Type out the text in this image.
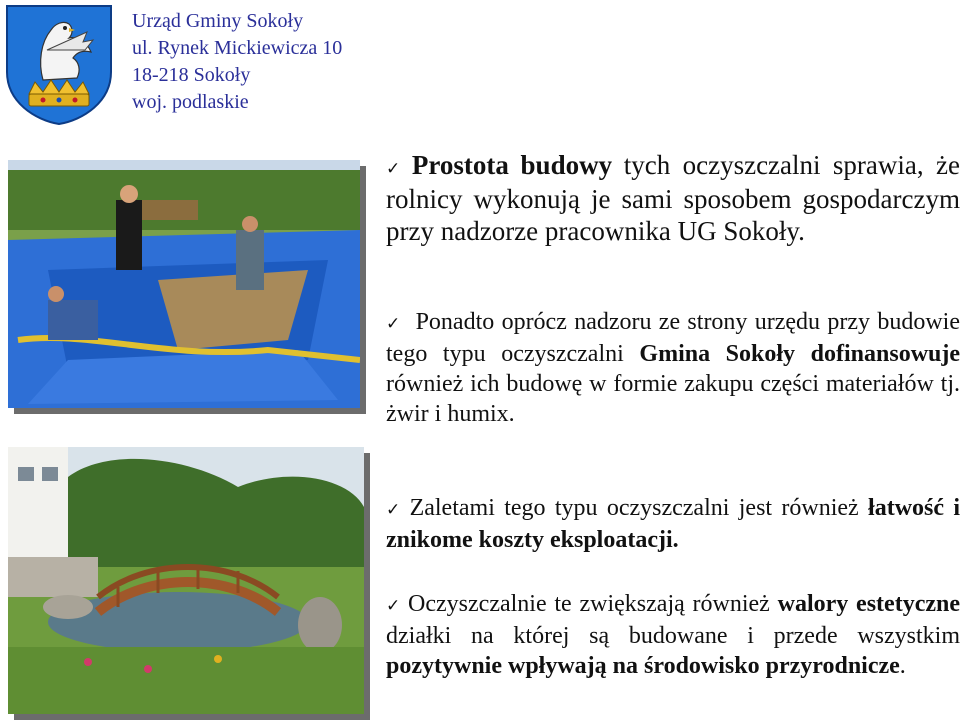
Urząd Gminy Sokoły
ul. Rynek Mickiewicza 10
18-218 Sokoły
woj. podlaskie
✓ Prostota budowy tych oczyszczalni sprawia, że rolnicy wykonują je sami sposobem gospodarczym przy nadzorze pracownika UG Sokoły.
✓ Ponadto oprócz nadzoru ze strony urzędu przy budowie tego typu oczyszczalni Gmina Sokoły dofinansowuje również ich budowę w formie zakupu części materiałów tj. żwir i humix.
✓ Zaletami tego typu oczyszczalni jest również łatwość i znikome koszty eksploatacji.
✓ Oczyszczalnie te zwiększają również walory estetyczne działki na której są budowane i przede wszystkim pozytywnie wpływają na środowisko przyrodnicze.
